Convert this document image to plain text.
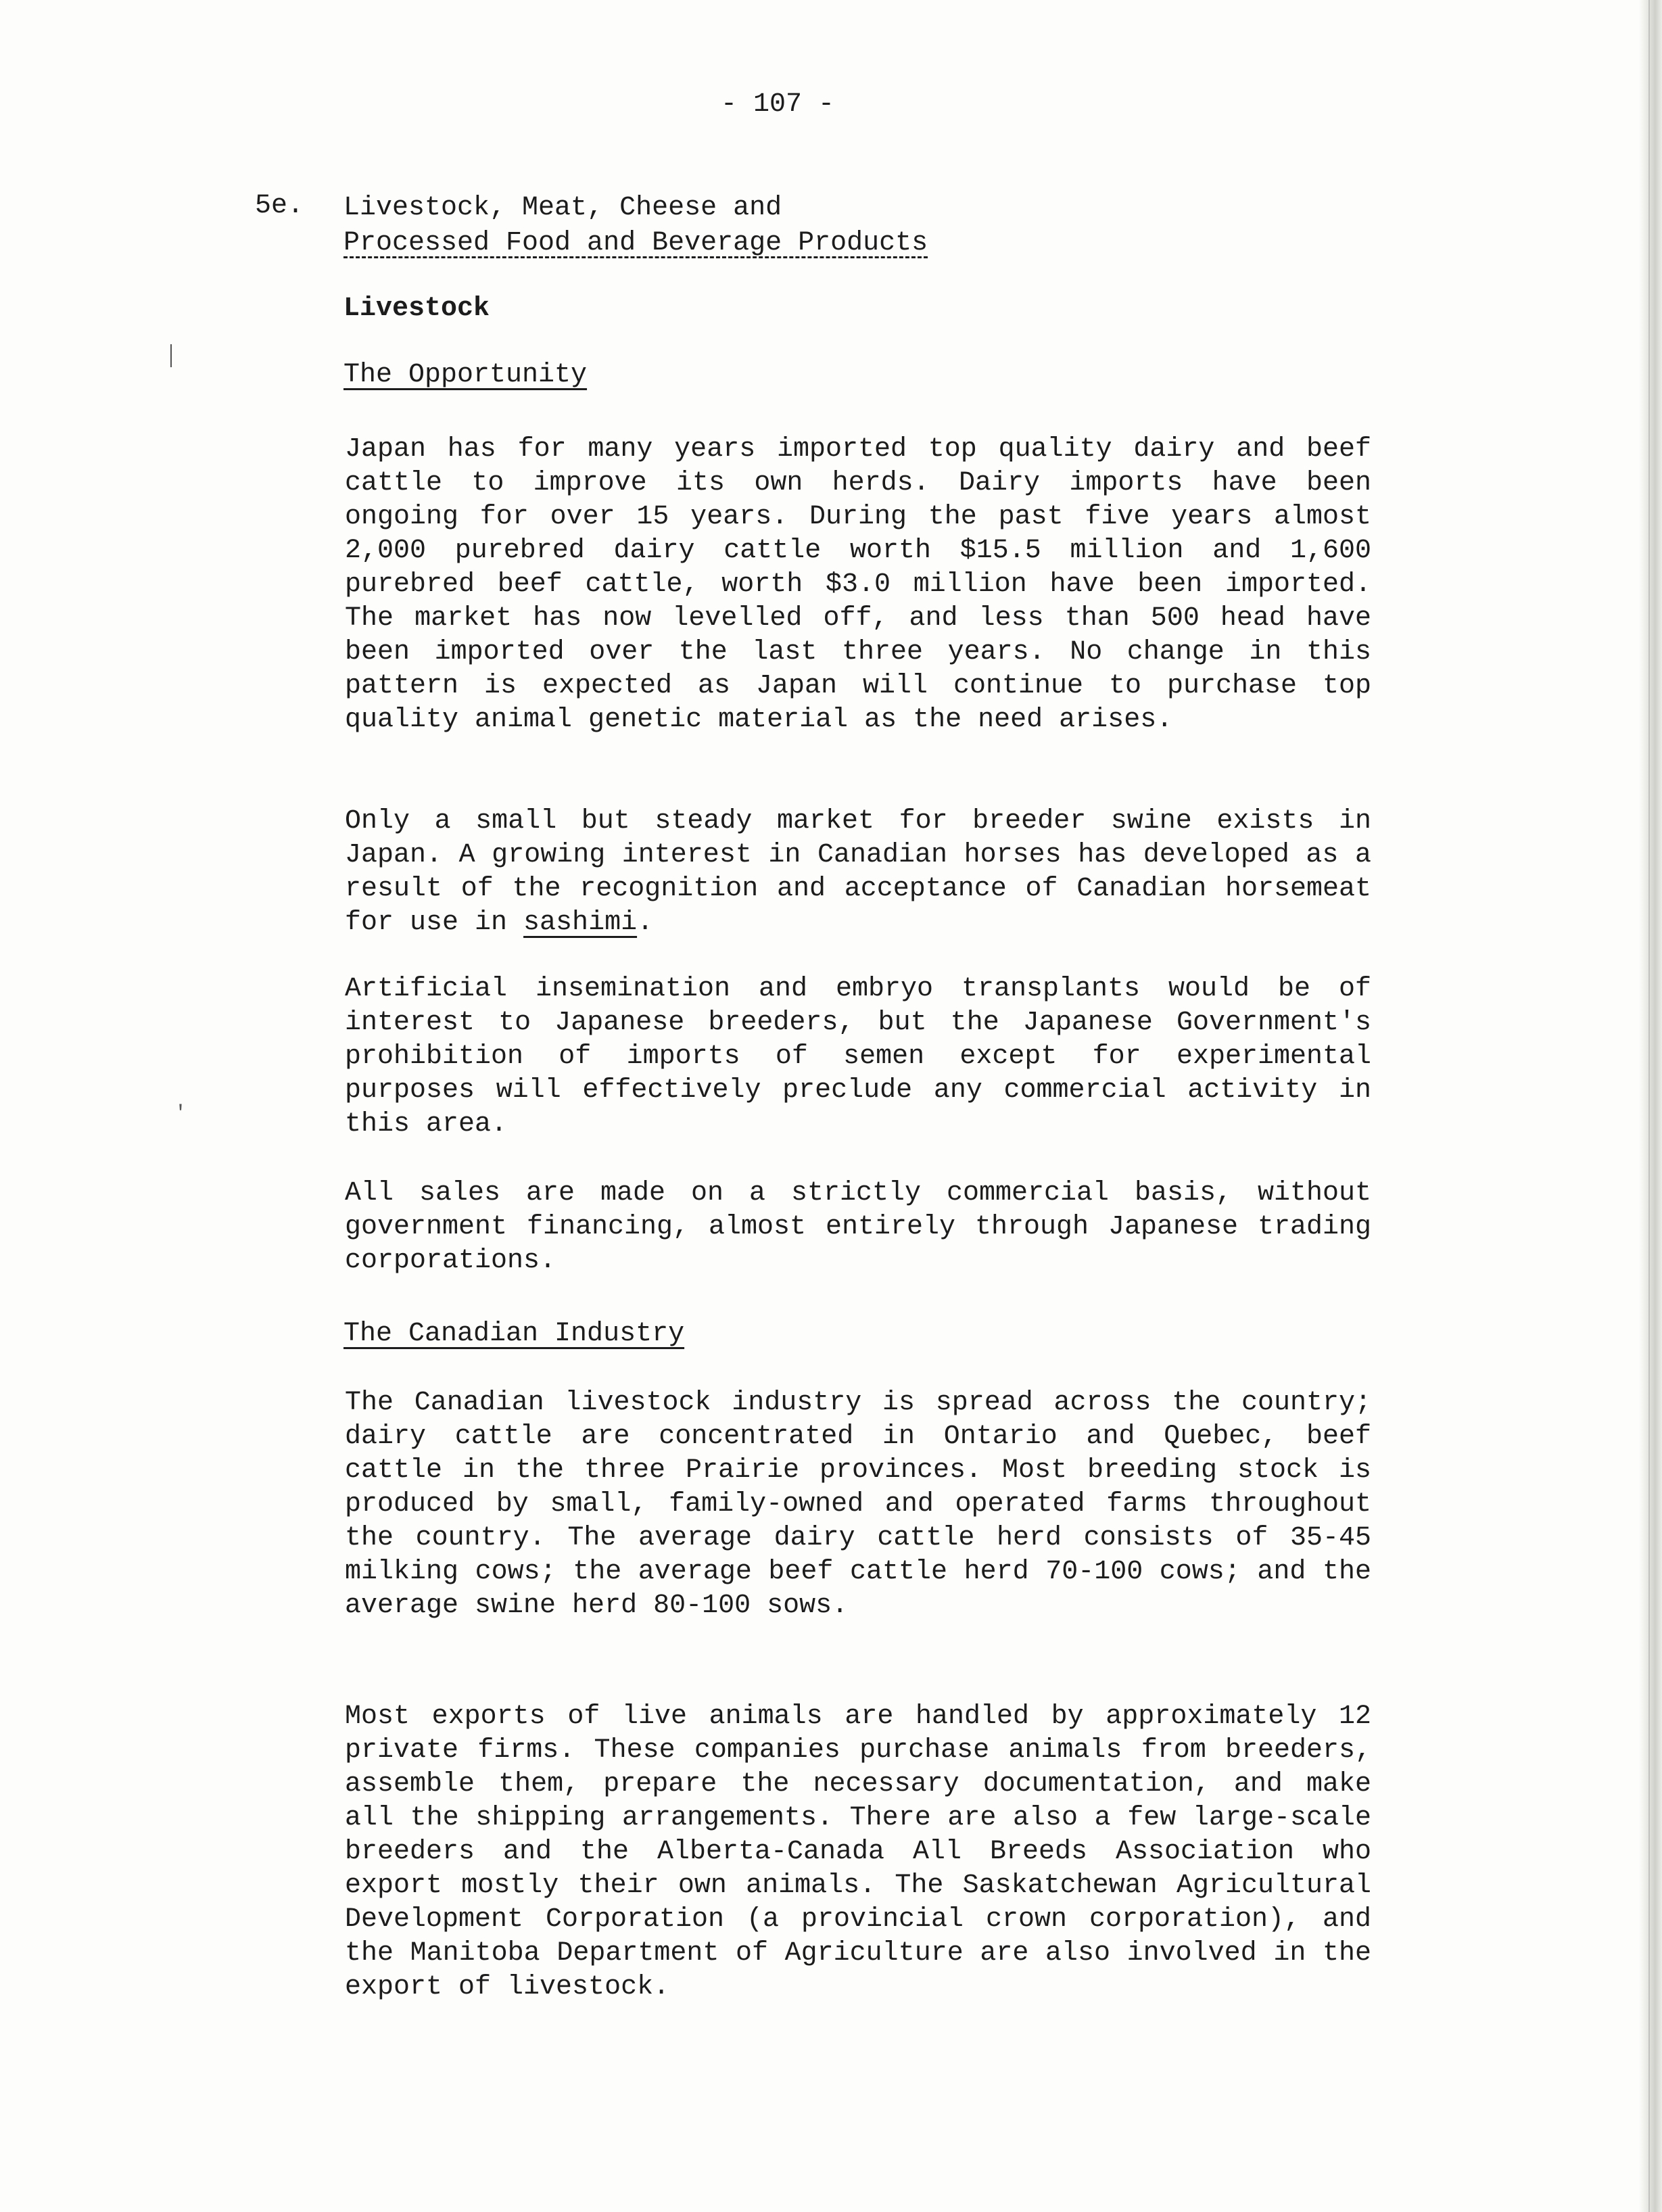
- 107 -
5e. Livestock, Meat, Cheese and
Processed Food and Beverage Products
Livestock
The Opportunity

Japan has for many years imported top quality dairy and beef cattle to improve its own herds. Dairy imports have been ongoing for over 15 years. During the past five years almost 2,000 purebred dairy cattle worth $15.5 million and 1,600 purebred beef cattle, worth $3.0 million have been imported. The market has now levelled off, and less than 500 head have been imported over the last three years. No change in this pattern is expected as Japan will continue to purchase top quality animal genetic material as the need arises.

Only a small but steady market for breeder swine exists in Japan. A growing interest in Canadian horses has developed as a result of the recognition and acceptance of Canadian horsemeat for use in sashimi.

Artificial insemination and embryo transplants would be of interest to Japanese breeders, but the Japanese Government's prohibition of imports of semen except for experimental purposes will effectively preclude any commercial activity in this area.

All sales are made on a strictly commercial basis, without government financing, almost entirely through Japanese trading corporations.

The Canadian Industry

The Canadian livestock industry is spread across the country; dairy cattle are concentrated in Ontario and Quebec, beef cattle in the three Prairie provinces. Most breeding stock is produced by small, family-owned and operated farms throughout the country. The average dairy cattle herd consists of 35-45 milking cows; the average beef cattle herd 70-100 cows; and the average swine herd 80-100 sows.

Most exports of live animals are handled by approximately 12 private firms. These companies purchase animals from breeders, assemble them, prepare the necessary documentation, and make all the shipping arrangements. There are also a few large-scale breeders and the Alberta-Canada All Breeds Association who export mostly their own animals. The Saskatchewan Agricultural Development Corporation (a provincial crown corporation), and the Manitoba Department of Agriculture are also involved in the export of livestock.

′
│
